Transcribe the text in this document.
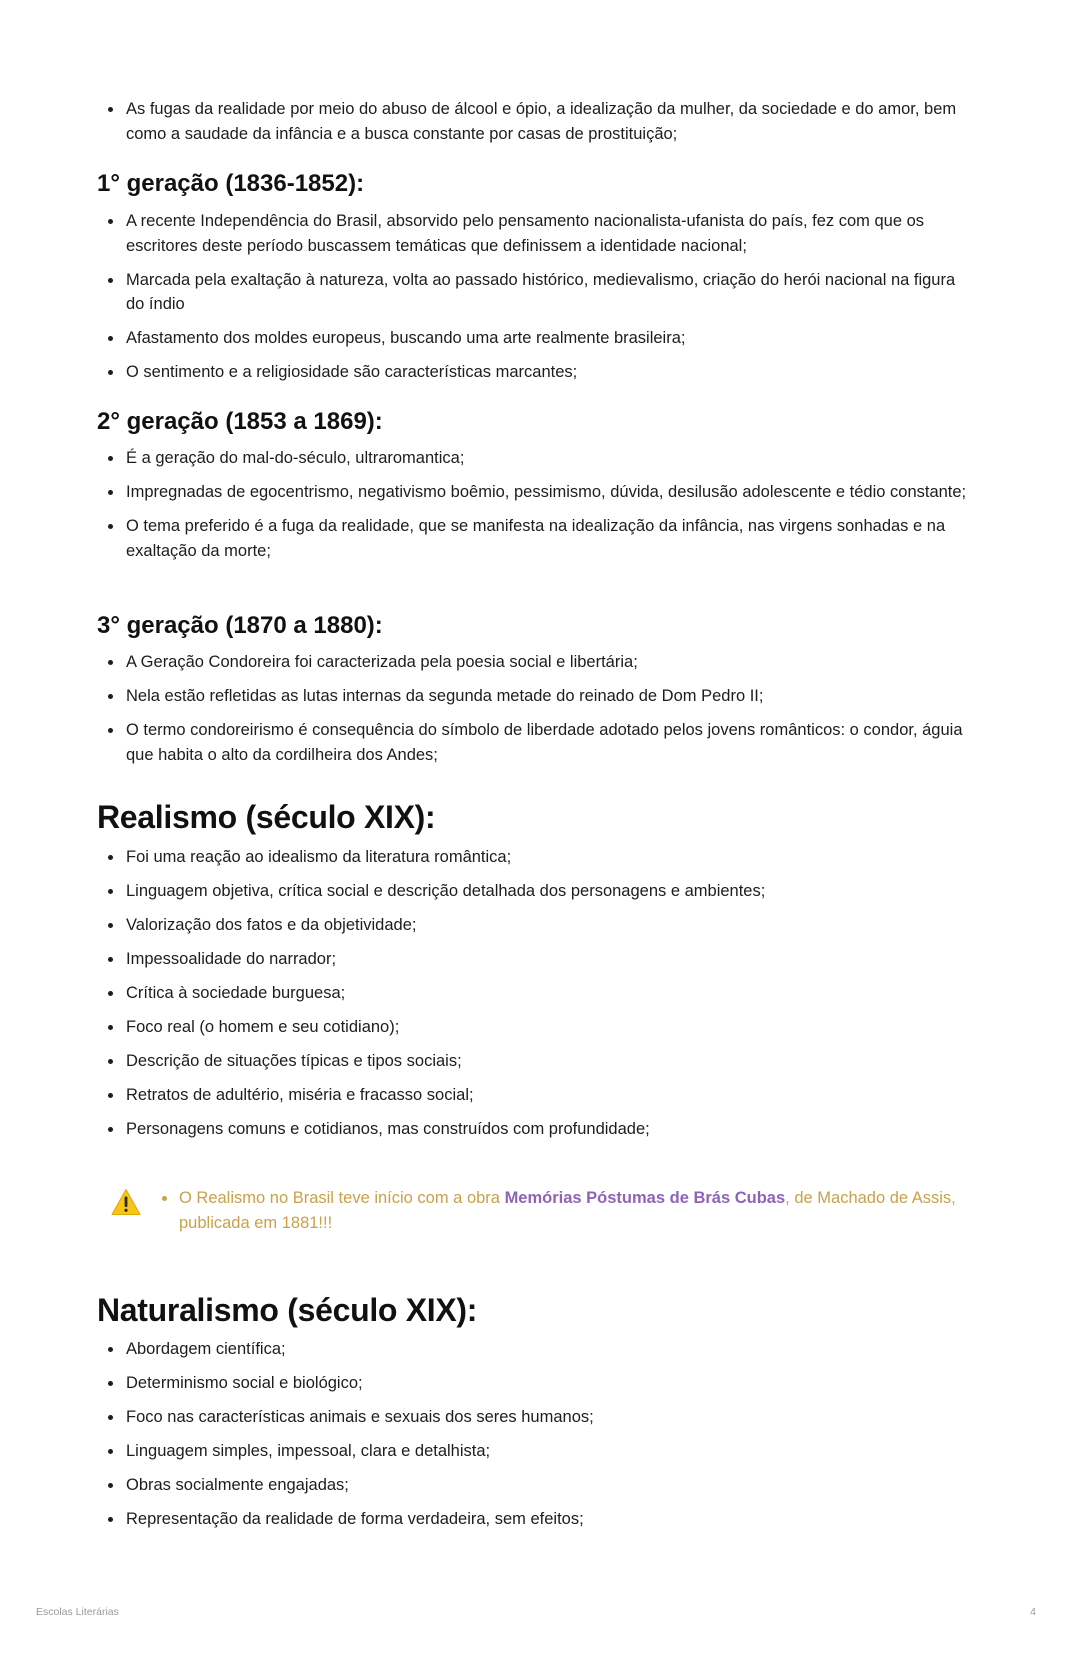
As fugas da realidade por meio do abuso de álcool e ópio, a idealização da mulher, da sociedade e do amor, bem como a saudade da infância e a busca constante por casas de prostituição;
1° geração (1836-1852):
A recente Independência do Brasil, absorvido pelo pensamento nacionalista-ufanista do país, fez com que os escritores deste período buscassem temáticas que definissem a identidade nacional;
Marcada pela exaltação à natureza, volta ao passado histórico, medievalismo, criação do herói nacional na figura do índio
Afastamento dos moldes europeus, buscando uma arte realmente brasileira;
O sentimento e a religiosidade são características marcantes;
2° geração (1853 a 1869):
É a geração do mal-do-século, ultraromantica;
Impregnadas de egocentrismo, negativismo boêmio, pessimismo, dúvida, desilusão adolescente e tédio constante;
O tema preferido é a fuga da realidade, que se manifesta na idealização da infância, nas virgens sonhadas e na exaltação da morte;
3° geração (1870 a 1880):
A Geração Condoreira foi caracterizada pela poesia social e libertária;
Nela estão refletidas as lutas internas da segunda metade do reinado de Dom Pedro II;
O termo condoreirismo é consequência do símbolo de liberdade adotado pelos jovens românticos: o condor, águia que habita o alto da cordilheira dos Andes;
Realismo (século XIX):
Foi uma reação ao idealismo da literatura romântica;
Linguagem objetiva, crítica social e descrição detalhada dos personagens e ambientes;
Valorização dos fatos e da objetividade;
Impessoalidade do narrador;
Crítica à sociedade burguesa;
Foco real (o homem e seu cotidiano);
Descrição de situações típicas e tipos sociais;
Retratos de adultério, miséria e fracasso social;
Personagens comuns e cotidianos, mas construídos com profundidade;
O Realismo no Brasil teve início com a obra Memórias Póstumas de Brás Cubas, de Machado de Assis, publicada em 1881!!!
Naturalismo (século XIX):
Abordagem científica;
Determinismo social e biológico;
Foco nas características animais e sexuais dos seres humanos;
Linguagem simples, impessoal, clara e detalhista;
Obras socialmente engajadas;
Representação da realidade de forma verdadeira, sem efeitos;
Escolas Literárias	4
